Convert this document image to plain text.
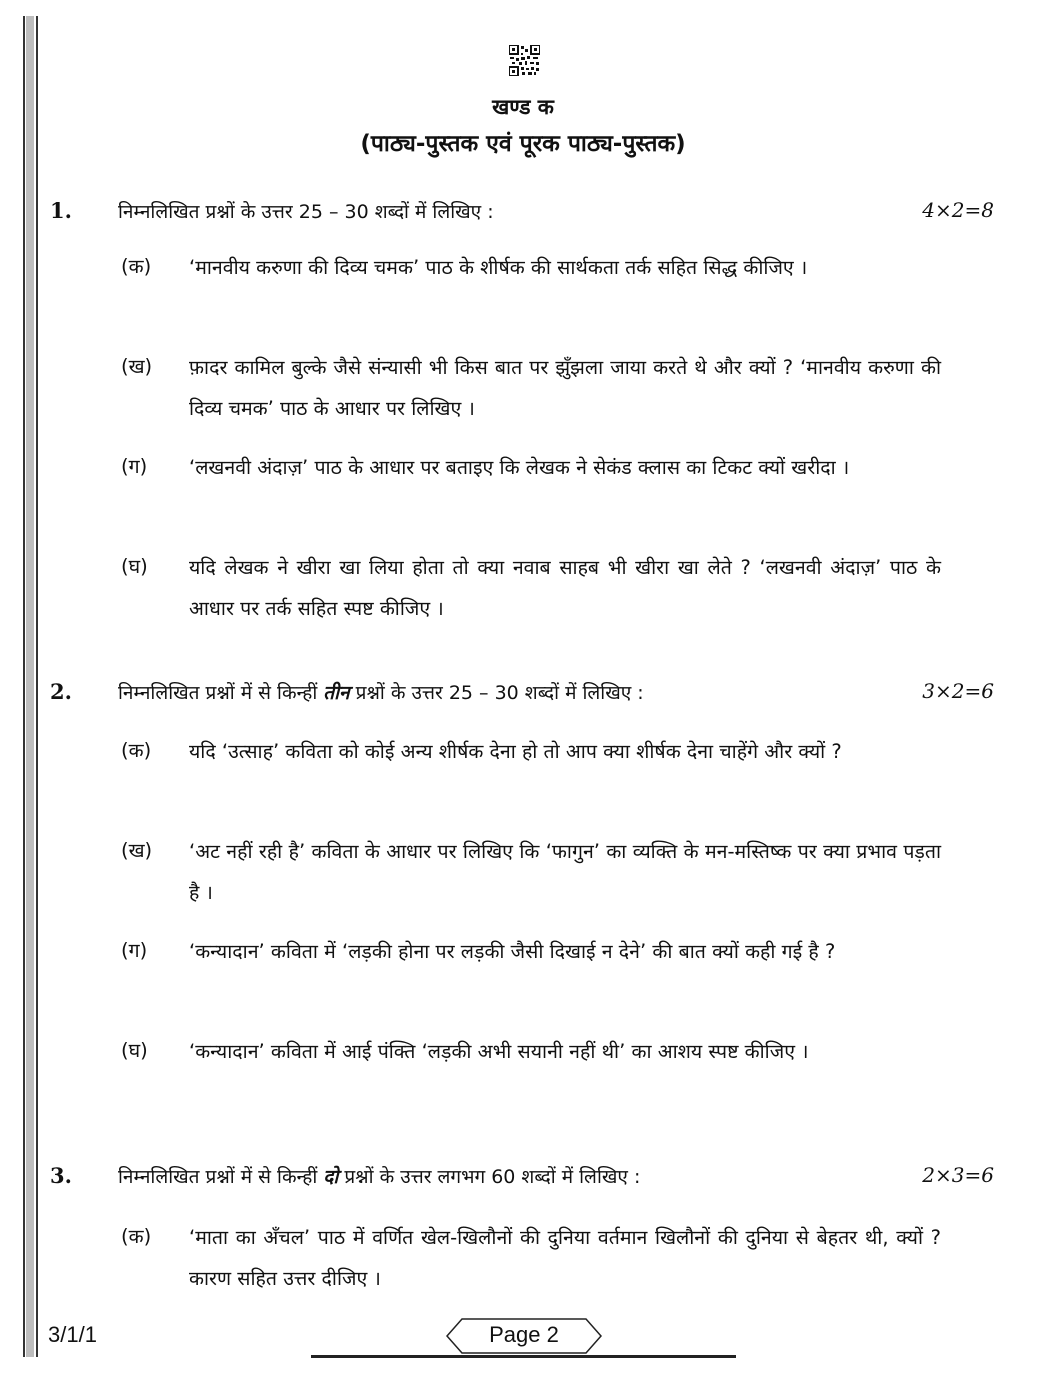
खण्ड क
(पाठ्य-पुस्तक एवं पूरक पाठ्य-पुस्तक)
1. निम्नलिखित प्रश्नों के उत्तर 25 – 30 शब्दों में लिखिए :	4×2=8
(क) ‘मानवीय करुणा की दिव्य चमक’ पाठ के शीर्षक की सार्थकता तर्क सहित सिद्ध कीजिए ।
(ख) फ़ादर कामिल बुल्के जैसे संन्यासी भी किस बात पर झुँझला जाया करते थे और क्यों ? ‘मानवीय करुणा की दिव्य चमक’ पाठ के आधार पर लिखिए ।
(ग) ‘लखनवी अंदाज़’ पाठ के आधार पर बताइए कि लेखक ने सेकंड क्लास का टिकट क्यों खरीदा ।
(घ) यदि लेखक ने खीरा खा लिया होता तो क्या नवाब साहब भी खीरा खा लेते ? ‘लखनवी अंदाज़’ पाठ के आधार पर तर्क सहित स्पष्ट कीजिए ।
2. निम्नलिखित प्रश्नों में से किन्हीं तीन प्रश्नों के उत्तर 25 – 30 शब्दों में लिखिए :	3×2=6
(क) यदि ‘उत्साह’ कविता को कोई अन्य शीर्षक देना हो तो आप क्या शीर्षक देना चाहेंगे और क्यों ?
(ख) ‘अट नहीं रही है’ कविता के आधार पर लिखिए कि ‘फागुन’ का व्यक्ति के मन-मस्तिष्क पर क्या प्रभाव पड़ता है ।
(ग) ‘कन्यादान’ कविता में ‘लड़की होना पर लड़की जैसी दिखाई न देने’ की बात क्यों कही गई है ?
(घ) ‘कन्यादान’ कविता में आई पंक्ति ‘लड़की अभी सयानी नहीं थी’ का आशय स्पष्ट कीजिए ।
3. निम्नलिखित प्रश्नों में से किन्हीं दो प्रश्नों के उत्तर लगभग 60 शब्दों में लिखिए :	2×3=6
(क) ‘माता का अँचल’ पाठ में वर्णित खेल-खिलौनों की दुनिया वर्तमान खिलौनों की दुनिया से बेहतर थी, क्यों ? कारण सहित उत्तर दीजिए ।
3/1/1	Page 2
